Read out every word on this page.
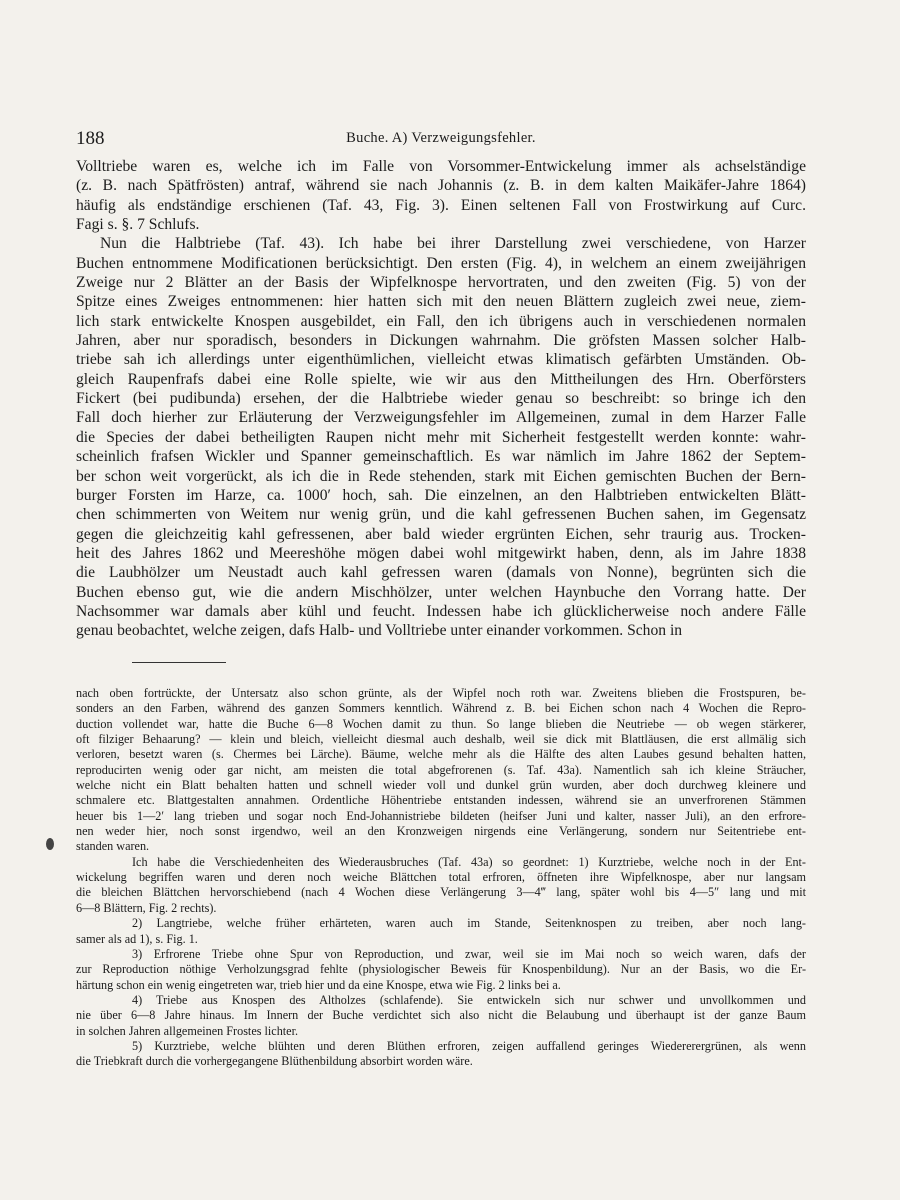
188	Buche. A) Verzweigungsfehler.
Volltriebe waren es, welche ich im Falle von Vorsommer-Entwickelung immer als achselständige
(z. B. nach Spätfrösten) antraf, während sie nach Johannis (z. B. in dem kalten Maikäfer-Jahre 1864)
häufig als endständige erschienen (Taf. 43, Fig. 3). Einen seltenen Fall von Frostwirkung auf Curc.
Fagi s. §. 7 Schlufs.
Nun die Halbtriebe (Taf. 43). Ich habe bei ihrer Darstellung zwei verschiedene, von Harzer
Buchen entnommene Modificationen berücksichtigt. Den ersten (Fig. 4), in welchem an einem zweijährigen
Zweige nur 2 Blätter an der Basis der Wipfelknospe hervortraten, und den zweiten (Fig. 5) von der
Spitze eines Zweiges entnommenen: hier hatten sich mit den neuen Blättern zugleich zwei neue, ziem-
lich stark entwickelte Knospen ausgebildet, ein Fall, den ich übrigens auch in verschiedenen normalen
Jahren, aber nur sporadisch, besonders in Dickungen wahrnahm. Die gröfsten Massen solcher Halb-
triebe sah ich allerdings unter eigenthümlichen, vielleicht etwas klimatisch gefärbten Umständen. Ob-
gleich Raupenfrafs dabei eine Rolle spielte, wie wir aus den Mittheilungen des Hrn. Oberförsters
Fickert (bei pudibunda) ersehen, der die Halbtriebe wieder genau so beschreibt: so bringe ich den
Fall doch hierher zur Erläuterung der Verzweigungsfehler im Allgemeinen, zumal in dem Harzer Falle
die Species der dabei betheiligten Raupen nicht mehr mit Sicherheit festgestellt werden konnte: wahr-
scheinlich frafsen Wickler und Spanner gemeinschaftlich. Es war nämlich im Jahre 1862 der Septem-
ber schon weit vorgerückt, als ich die in Rede stehenden, stark mit Eichen gemischten Buchen der Bern-
burger Forsten im Harze, ca. 1000′ hoch, sah. Die einzelnen, an den Halbtrieben entwickelten Blätt-
chen schimmerten von Weitem nur wenig grün, und die kahl gefressenen Buchen sahen, im Gegensatz
gegen die gleichzeitig kahl gefressenen, aber bald wieder ergrünten Eichen, sehr traurig aus. Trocken-
heit des Jahres 1862 und Meereshöhe mögen dabei wohl mitgewirkt haben, denn, als im Jahre 1838
die Laubhölzer um Neustadt auch kahl gefressen waren (damals von Nonne), begrünten sich die
Buchen ebenso gut, wie die andern Mischhölzer, unter welchen Haynbuche den Vorrang hatte. Der
Nachsommer war damals aber kühl und feucht. Indessen habe ich glücklicherweise noch andere Fälle
genau beobachtet, welche zeigen, dafs Halb- und Volltriebe unter einander vorkommen. Schon in
nach oben fortrückte, der Untersatz also schon grünte, als der Wipfel noch roth war. Zweitens blieben die Frostspuren, be-
sonders an den Farben, während des ganzen Sommers kenntlich. Während z. B. bei Eichen schon nach 4 Wochen die Repro-
duction vollendet war, hatte die Buche 6—8 Wochen damit zu thun. So lange blieben die Neutriebe — ob wegen stärkerer,
oft filziger Behaarung? — klein und bleich, vielleicht diesmal auch deshalb, weil sie dick mit Blattläusen, die erst allmälig sich
verloren, besetzt waren (s. Chermes bei Lärche). Bäume, welche mehr als die Hälfte des alten Laubes gesund behalten hatten,
reproducirten wenig oder gar nicht, am meisten die total abgefrorenen (s. Taf. 43a). Namentlich sah ich kleine Sträucher,
welche nicht ein Blatt behalten hatten und schnell wieder voll und dunkel grün wurden, aber doch durchweg kleinere und
schmalere etc. Blattgestalten annahmen. Ordentliche Höhentriebe entstanden indessen, während sie an unverfrorenen Stämmen
heuer bis 1—2′ lang trieben und sogar noch End-Johannistriebe bildeten (heifser Juni und kalter, nasser Juli), an den erfrore-
nen weder hier, noch sonst irgendwo, weil an den Kronzweigen nirgends eine Verlängerung, sondern nur Seitentriebe ent-
standen waren.
Ich habe die Verschiedenheiten des Wiederausbruches (Taf. 43a) so geordnet: 1) Kurztriebe, welche noch in der Ent-
wickelung begriffen waren und deren noch weiche Blättchen total erfroren, öffneten ihre Wipfelknospe, aber nur langsam
die bleichen Blättchen hervorschiebend (nach 4 Wochen diese Verlängerung 3—4‴ lang, später wohl bis 4—5″ lang und mit
6—8 Blättern, Fig. 2 rechts).
2) Langtriebe, welche früher erhärteten, waren auch im Stande, Seitenknospen zu treiben, aber noch lang-
samer als ad 1), s. Fig. 1.
3) Erfrorene Triebe ohne Spur von Reproduction, und zwar, weil sie im Mai noch so weich waren, dafs der
zur Reproduction nöthige Verholzungsgrad fehlte (physiologischer Beweis für Knospenbildung). Nur an der Basis, wo die Er-
härtung schon ein wenig eingetreten war, trieb hier und da eine Knospe, etwa wie Fig. 2 links bei a.
4) Triebe aus Knospen des Altholzes (schlafende). Sie entwickeln sich nur schwer und unvollkommen und
nie über 6—8 Jahre hinaus. Im Innern der Buche verdichtet sich also nicht die Belaubung und überhaupt ist der ganze Baum
in solchen Jahren allgemeinen Frostes lichter.
5) Kurztriebe, welche blühten und deren Blüthen erfroren, zeigen auffallend geringes Wiedererergrünen, als wenn
die Triebkraft durch die vorhergegangene Blüthenbildung absorbirt worden wäre.
